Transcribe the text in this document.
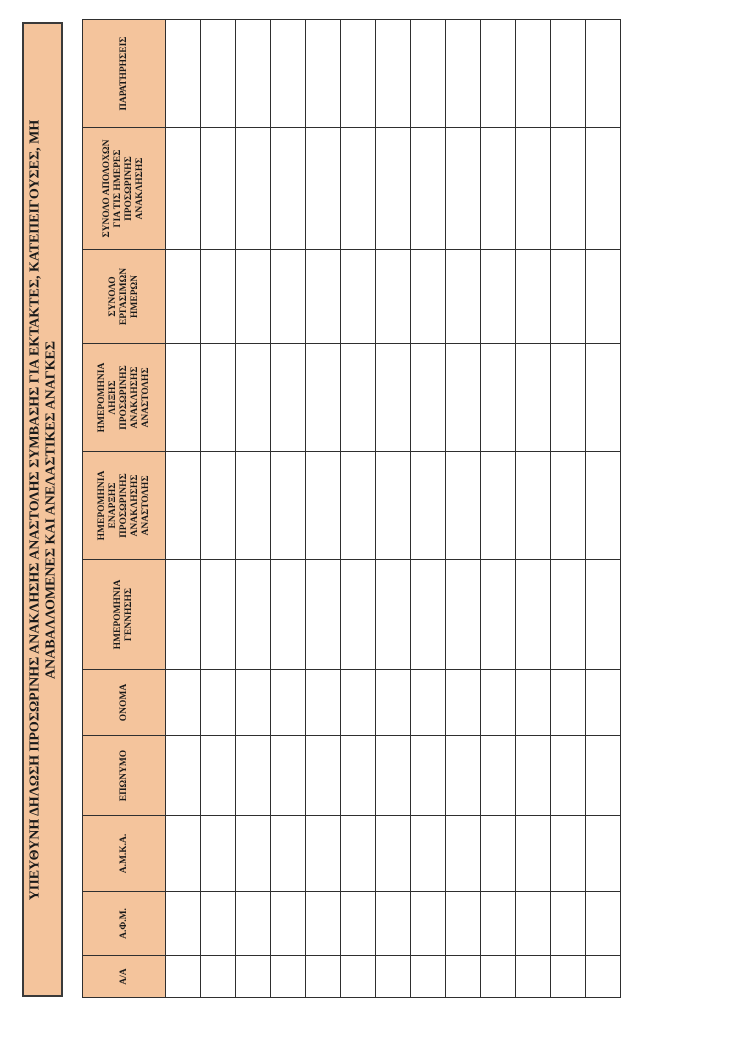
ΥΠΕΥΘΥΝΗ ΔΗΛΩΣΗ ΠΡΟΣΩΡΙΝΗΣ ΑΝΑΚΛΗΣΗΣ ΑΝΑΣΤΟΛΗΣ ΣΥΜΒΑΣΗΣ ΓΙΑ ΕΚΤΑΚΤΕΣ, ΚΑΤΕΠΕΙΓΟΥΣΕΣ, ΜΗ ΑΝΑΒΑΛΛΟΜΕΝΕΣ ΚΑΙ ΑΝΕΛΑΣΤΙΚΕΣ ΑΝΑΓΚΕΣ
Α/Α	Α.Φ.Μ.	Α.Μ.Κ.Α.	ΕΠΩΝΥΜΟ	ΟΝΟΜΑ	ΗΜΕΡΟΜΗΝΙΑ ΓΕΝΝΗΣΗΣ	ΗΜΕΡΟΜΗΝΙΑ ΕΝΑΡΞΗΣ ΠΡΟΣΩΡΙΝΗΣ ΑΝΑΚΛΗΣΗΣ ΑΝΑΣΤΟΛΗΣ	ΗΜΕΡΟΜΗΝΙΑ ΛΗΞΗΣ ΠΡΟΣΩΡΙΝΗΣ ΑΝΑΚΛΗΣΗΣ ΑΝΑΣΤΟΛΗΣ	ΣΥΝΟΛΟ ΕΡΓΑΣΙΜΩΝ ΗΜΕΡΩΝ	ΣΥΝΟΛΟ ΑΠΟΛΟΧΩΝ ΓΙΑ ΤΙΣ ΗΜΕΡΕΣ ΠΡΟΣΩΡΙΝΗΣ ΑΝΑΚΛΗΣΗΣ	ΠΑΡΑΤΗΡΗΣΕΙΣ
